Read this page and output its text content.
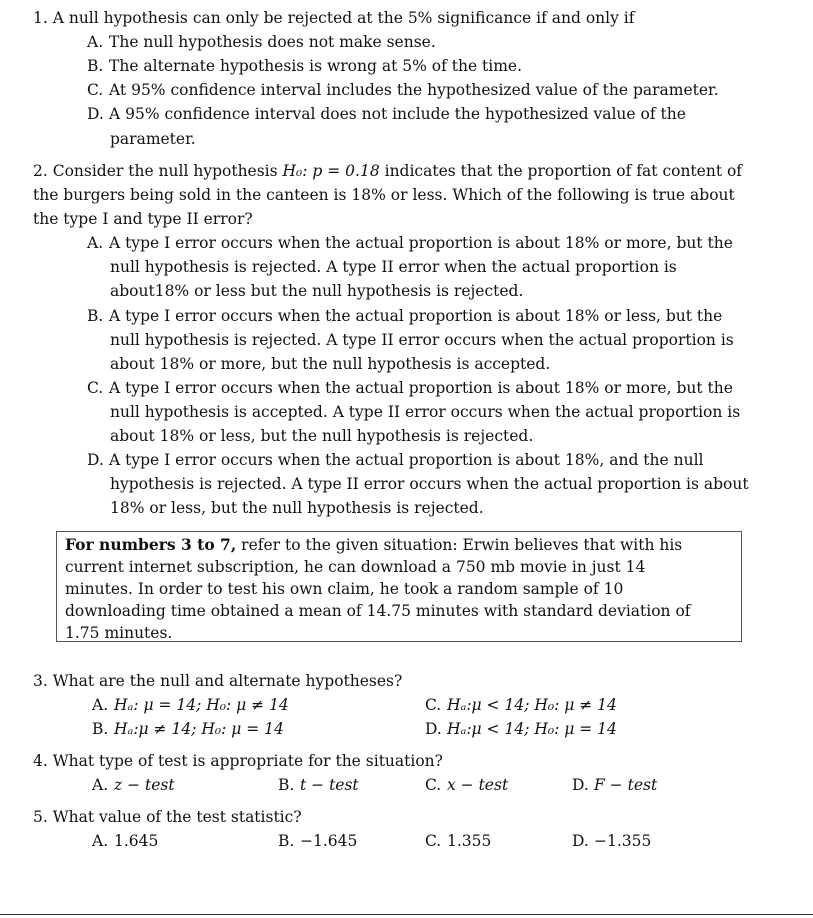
1. A null hypothesis can only be rejected at the 5% significance if and only if
A. The null hypothesis does not make sense.
B. The alternate hypothesis is wrong at 5% of the time.
C. At 95% confidence interval includes the hypothesized value of the parameter.
D. A 95% confidence interval does not include the hypothesized value of the
parameter.
2. Consider the null hypothesis H₀: p = 0.18 indicates that the proportion of fat content of
the burgers being sold in the canteen is 18% or less. Which of the following is true about
the type I and type II error?
A. A type I error occurs when the actual proportion is about 18% or more, but the
null hypothesis is rejected. A type II error when the actual proportion is
about18% or less but the null hypothesis is rejected.
B. A type I error occurs when the actual proportion is about 18% or less, but the
null hypothesis is rejected. A type II error occurs when the actual proportion is
about 18% or more, but the null hypothesis is accepted.
C. A type I error occurs when the actual proportion is about 18% or more, but the
null hypothesis is accepted. A type II error occurs when the actual proportion is
about 18% or less, but the null hypothesis is rejected.
D. A type I error occurs when the actual proportion is about 18%, and the null
hypothesis is rejected. A type II error occurs when the actual proportion is about
18% or less, but the null hypothesis is rejected.
For numbers 3 to 7, refer to the given situation: Erwin believes that with his
current internet subscription, he can download a 750 mb movie in just 14
minutes. In order to test his own claim, he took a random sample of 10
downloading time obtained a mean of 14.75 minutes with standard deviation of
1.75 minutes.
3. What are the null and alternate hypotheses?
A. Hₐ: μ = 14; H₀: μ ≠ 14
B. Hₐ:μ ≠ 14; H₀: μ = 14
C. Hₐ:μ < 14; H₀: μ ≠ 14
D. Hₐ:μ < 14; H₀: μ = 14
4. What type of test is appropriate for the situation?
A. z − test	B. t − test	C. x − test	D. F − test
5. What value of the test statistic?
A. 1.645	B. −1.645	C. 1.355	D. −1.355
